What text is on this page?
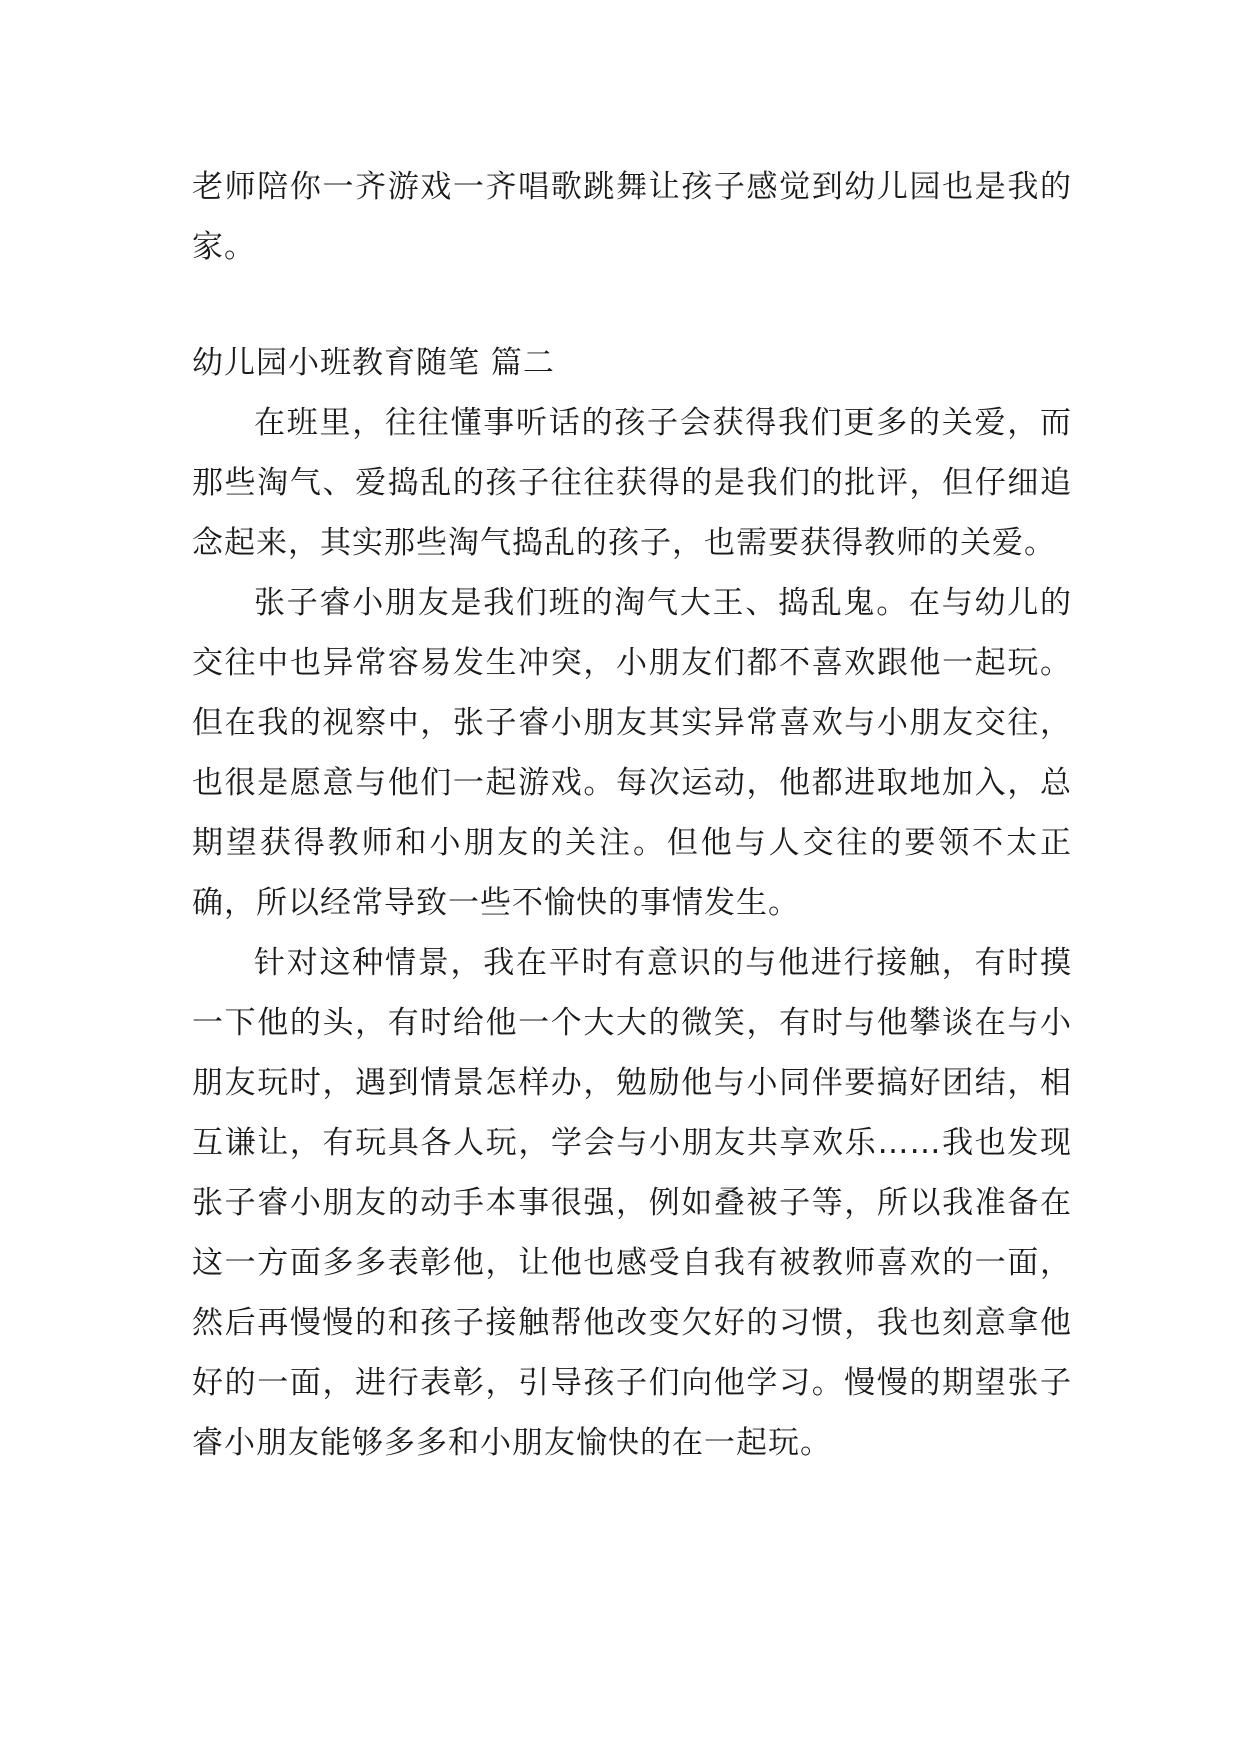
老师陪你一齐游戏一齐唱歌跳舞让孩子感觉到幼儿园也是我的家。

幼儿园小班教育随笔 篇二

在班里，往往懂事听话的孩子会获得我们更多的关爱，而那些淘气、爱捣乱的孩子往往获得的是我们的批评，但仔细追念起来，其实那些淘气捣乱的孩子，也需要获得教师的关爱。

张子睿小朋友是我们班的淘气大王、捣乱鬼。在与幼儿的交往中也异常容易发生冲突，小朋友们都不喜欢跟他一起玩。但在我的视察中，张子睿小朋友其实异常喜欢与小朋友交往，也很是愿意与他们一起游戏。每次运动，他都进取地加入，总期望获得教师和小朋友的关注。但他与人交往的要领不太正确，所以经常导致一些不愉快的事情发生。

针对这种情景，我在平时有意识的与他进行接触，有时摸一下他的头，有时给他一个大大的微笑，有时与他攀谈在与小朋友玩时，遇到情景怎样办，勉励他与小同伴要搞好团结，相互谦让，有玩具各人玩，学会与小朋友共享欢乐……我也发现张子睿小朋友的动手本事很强，例如叠被子等，所以我准备在这一方面多多表彰他，让他也感受自我有被教师喜欢的一面，然后再慢慢的和孩子接触帮他改变欠好的习惯，我也刻意拿他好的一面，进行表彰，引导孩子们向他学习。慢慢的期望张子睿小朋友能够多多和小朋友愉快的在一起玩。
